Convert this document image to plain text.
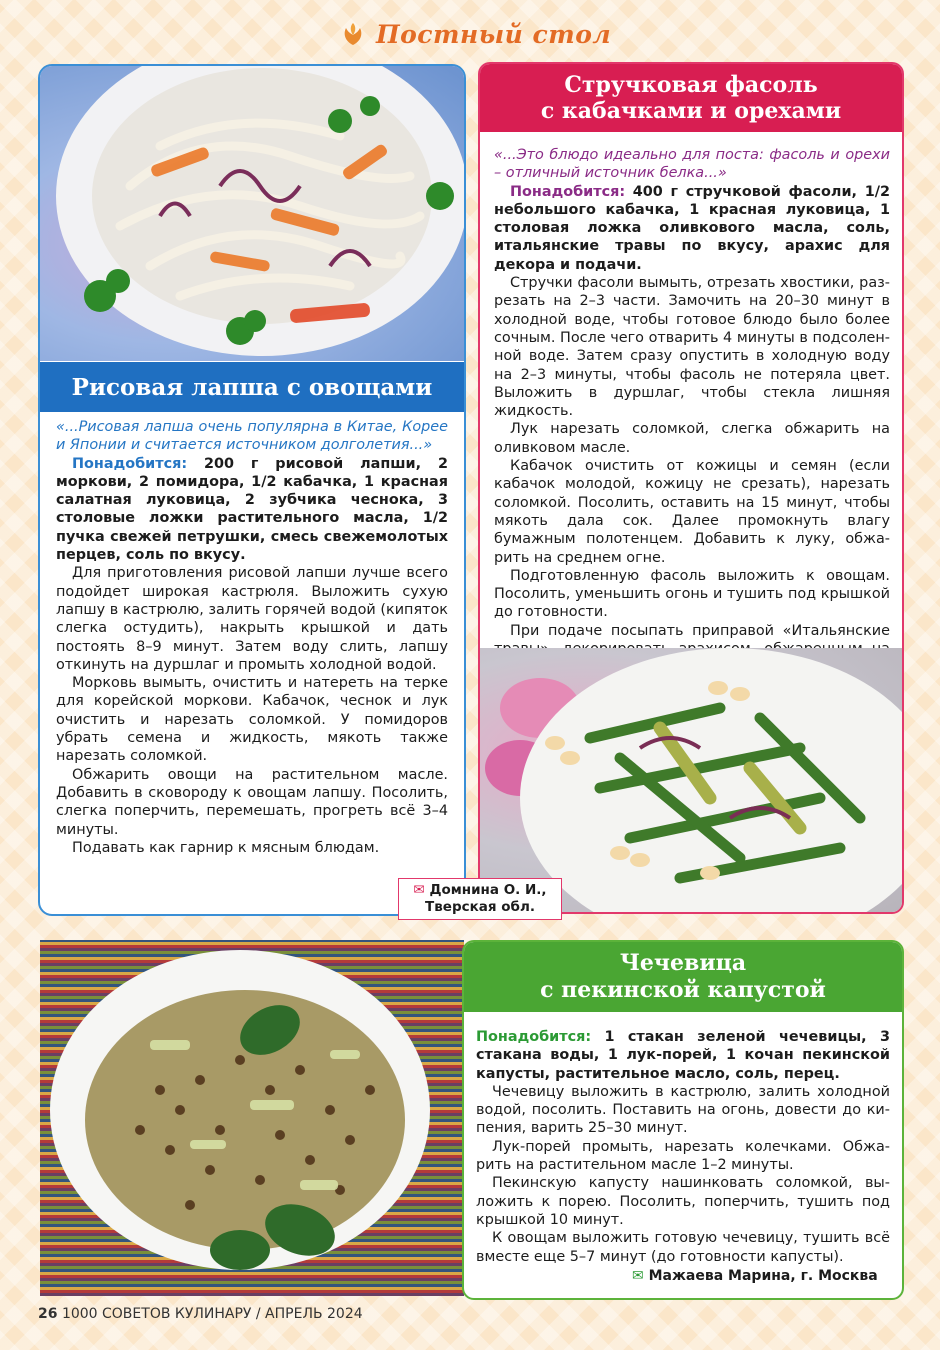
Постный стол
Рисовая лапша с овощами

«...Рисовая лапша очень популярна в Китае, Корее и Японии и считается источником долголетия...»

Понадобится: 200 г рисовой лапши, 2 моркови, 2 помидора, 1/2 кабачка, 1 красная салатная луковица, 2 зубчика чеснока, 3 столовые ложки растительного масла, 1/2 пучка свежей петрушки, смесь свежемолотых перцев, соль по вкусу.

Для приготовления рисовой лапши лучше всего подойдет широкая кастрюля. Выложить сухую лапшу в кастрюлю, залить горячей водой (кипяток слегка остудить), накрыть крышкой и дать постоять 8–9 минут. Затем воду слить, лапшу откинуть на дуршлаг и промыть холодной водой.

Морковь вымыть, очистить и натереть на терке для корейской моркови. Кабачок, чеснок и лук очистить и нарезать соломкой. У помидоров убрать семена и жидкость, мякоть также нарезать соломкой.

Обжарить овощи на растительном масле. Добавить в сковороду к овощам лапшу. Посолить, слегка поперчить, перемешать, прогреть всё 3–4 минуты.

Подавать как гарнир к мясным блюдам.

Стручковая фасоль
с кабачками и орехами

«...Это блюдо идеально для поста: фасоль и орехи – отличный источник белка...»

Понадобится: 400 г стручковой фасоли, 1/2 небольшого кабачка, 1 красная луковица, 1 столовая ложка оливкового масла, соль, итальянские травы по вкусу, арахис для декора и подачи.

Стручки фасоли вымыть, отрезать хвостики, разрезать на 2–3 части. Замочить на 20–30 минут в холодной воде, чтобы готовое блюдо было более сочным. После чего отварить 4 минуты в подсоленной воде. Затем сразу опустить в холодную воду на 2–3 минуты, чтобы фасоль не потеряла цвет. Выложить в дуршлаг, чтобы стекла лишняя жидкость.

Лук нарезать соломкой, слегка обжарить на оливковом масле.

Кабачок очистить от кожицы и семян (если кабачок молодой, кожицу не срезать), нарезать соломкой. Посолить, оставить на 15 минут, чтобы мякоть дала сок. Далее промокнуть влагу бумажным полотенцем. Добавить к луку, обжарить на среднем огне.

Подготовленную фасоль выложить к овощам. Посолить, уменьшить огонь и тушить под крышкой до готовности.

При подаче посыпать приправой «Итальянские

✉ Домнина О. И.,
Тверская обл.
Чечевица
с пекинской капустой

Понадобится: 1 стакан зеленой чечевицы, 3 стакана воды, 1 лук-порей, 1 кочан пекинской капусты, растительное масло, соль, перец.

Чечевицу выложить в кастрюлю, залить холодной водой, посолить. Поставить на огонь, довести до кипения, варить 25–30 минут.

Лук-порей промыть, нарезать колечками. Обжарить на растительном масле 1–2 минуты.

Пекинскую капусту нашинковать соломкой, выложить к порею. Посолить, поперчить, тушить под крышкой 10 минут.

К овощам выложить готовую чечевицу, тушить всё вместе еще 5–7 минут (до готовности капусты).

✉ Мажаева Марина, г. Москва
26 1000 СОВЕТОВ КУЛИНАРУ / АПРЕЛЬ 2024
